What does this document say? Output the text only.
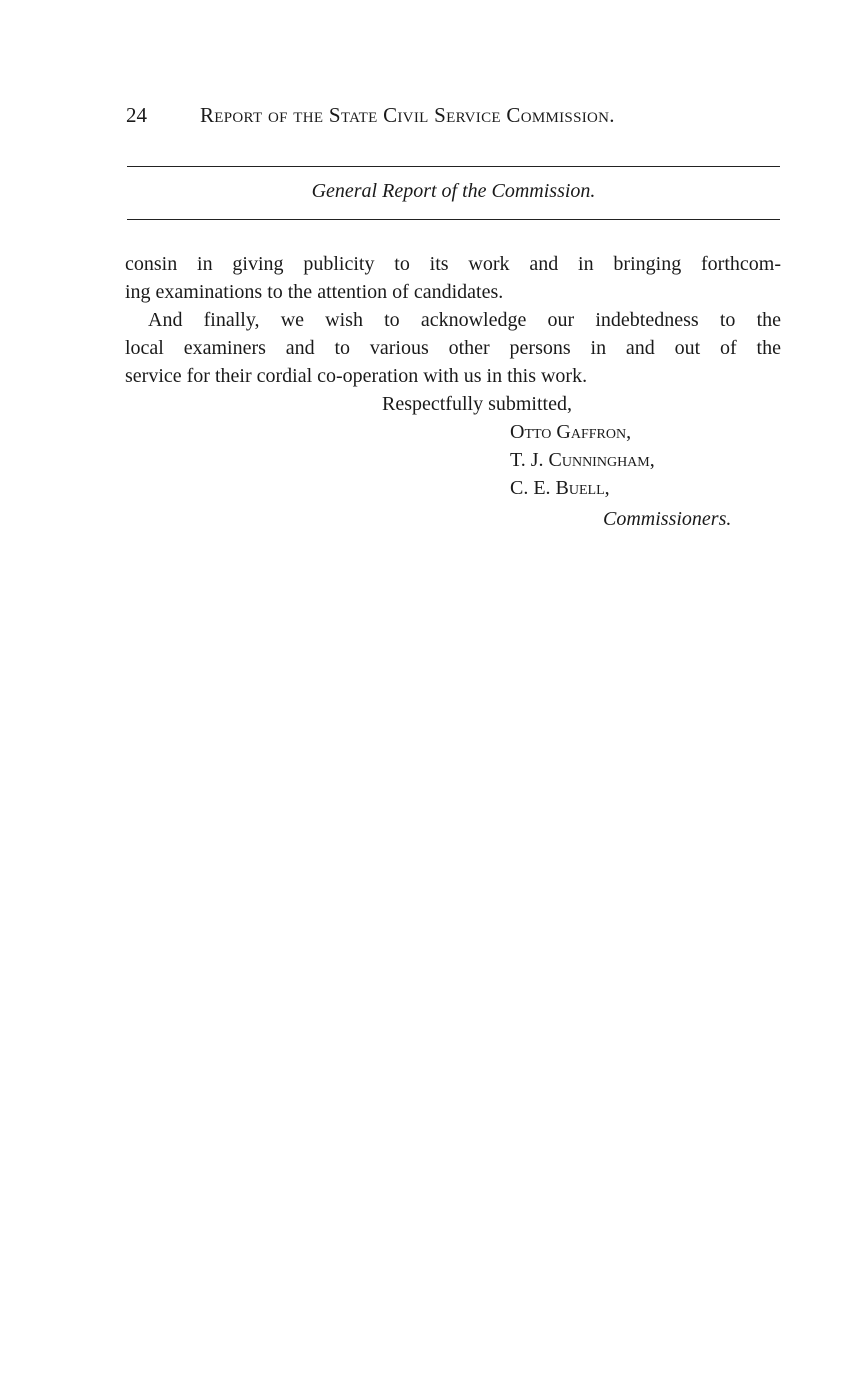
24	Report of the State Civil Service Commission.
General Report of the Commission.

consin in giving publicity to its work and in bringing forthcom-
ing examinations to the attention of candidates.

And finally, we wish to acknowledge our indebtedness to the
local examiners and to various other persons in and out of the
service for their cordial co-operation with us in this work.

Respectfully submitted,
Otto Gaffron,
T. J. Cunningham,
C. E. Buell,
Commissioners.
